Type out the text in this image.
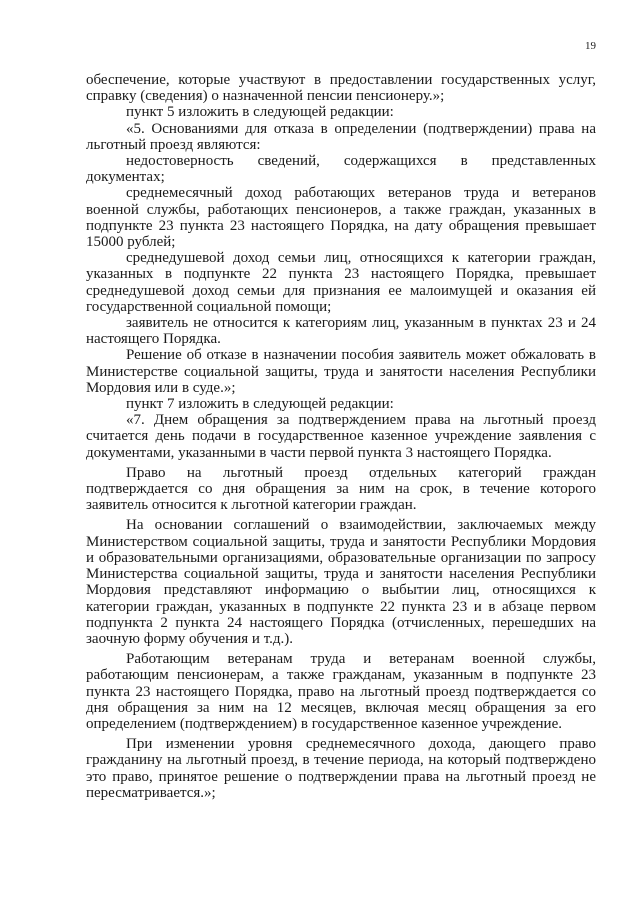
19

обеспечение, которые участвуют в предоставлении государственных услуг, справку (сведения) о назначенной пенсии пенсионеру.»;

пункт 5 изложить в следующей редакции:

«5. Основаниями для отказа в определении (подтверждении) права на льготный проезд являются:

недостоверность сведений, содержащихся в представленных документах;

среднемесячный доход работающих ветеранов труда и ветеранов военной службы, работающих пенсионеров, а также граждан, указанных в подпункте 23 пункта 23 настоящего Порядка, на дату обращения превышает 15000 рублей;

среднедушевой доход семьи лиц, относящихся к категории граждан, указанных в подпункте 22 пункта 23 настоящего Порядка, превышает среднедушевой доход семьи для признания ее малоимущей и оказания ей государственной социальной помощи;

заявитель не относится к категориям лиц, указанным в пунктах 23 и 24 настоящего Порядка.

Решение об отказе в назначении пособия заявитель может обжаловать в Министерстве социальной защиты, труда и занятости населения Республики Мордовия или в суде.»;

пункт 7 изложить в следующей редакции:

«7. Днем обращения за подтверждением права на льготный проезд считается день подачи в государственное казенное учреждение заявления с документами, указанными в части первой пункта 3 настоящего Порядка.

Право на льготный проезд отдельных категорий граждан подтверждается со дня обращения за ним на срок, в течение которого заявитель относится к льготной категории граждан.

На основании соглашений о взаимодействии, заключаемых между Министерством социальной защиты, труда и занятости Республики Мордовия и образовательными организациями, образовательные организации по запросу Министерства социальной защиты, труда и занятости населения Республики Мордовия представляют информацию о выбытии лиц, относящихся к категории граждан, указанных в подпункте 22 пункта 23 и в абзаце первом подпункта 2 пункта 24 настоящего Порядка (отчисленных, перешедших на заочную форму обучения и т.д.).

Работающим ветеранам труда и ветеранам военной службы, работающим пенсионерам, а также гражданам, указанным в подпункте 23 пункта 23 настоящего Порядка, право на льготный проезд подтверждается со дня обращения за ним на 12 месяцев, включая месяц обращения за его определением (подтверждением) в государственное казенное учреждение.

При изменении уровня среднемесячного дохода, дающего право гражданину на льготный проезд, в течение периода, на который подтверждено это право, принятое решение о подтверждении права на льготный проезд не пересматривается.»;
